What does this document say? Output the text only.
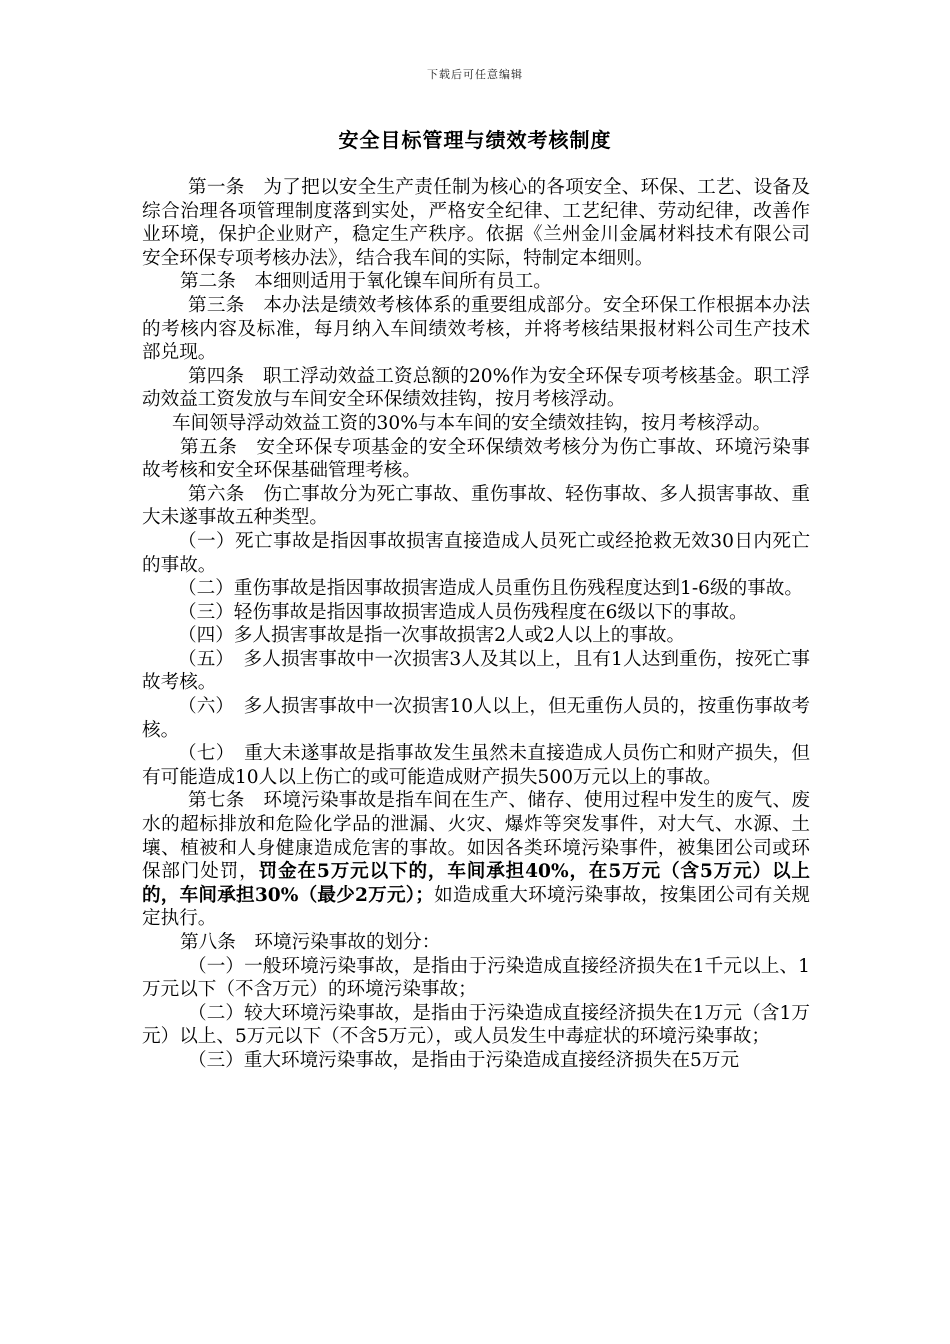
下载后可任意编辑
安全目标管理与绩效考核制度

第一条　为了把以安全生产责任制为核心的各项安全、环保、工艺、设备及综合治理各项管理制度落到实处，严格安全纪律、工艺纪律、劳动纪律，改善作业环境，保护企业财产，稳定生产秩序。依据《兰州金川金属材料技术有限公司安全环保专项考核办法》，结合我车间的实际，特制定本细则。

第二条　本细则适用于氧化镍车间所有员工。

第三条　本办法是绩效考核体系的重要组成部分。安全环保工作根据本办法的考核内容及标准，每月纳入车间绩效考核，并将考核结果报材料公司生产技术部兑现。

第四条　职工浮动效益工资总额的20%作为安全环保专项考核基金。职工浮动效益工资发放与车间安全环保绩效挂钩，按月考核浮动。

车间领导浮动效益工资的30%与本车间的安全绩效挂钩，按月考核浮动。

第五条　安全环保专项基金的安全环保绩效考核分为伤亡事故、环境污染事故考核和安全环保基础管理考核。

第六条　伤亡事故分为死亡事故、重伤事故、轻伤事故、多人损害事故、重大未遂事故五种类型。

（一）死亡事故是指因事故损害直接造成人员死亡或经抢救无效30日内死亡的事故。

（二）重伤事故是指因事故损害造成人员重伤且伤残程度达到1-6级的事故。

（三）轻伤事故是指因事故损害造成人员伤残程度在6级以下的事故。

（四）多人损害事故是指一次事故损害2人或2人以上的事故。

（五）　多人损害事故中一次损害3人及其以上，且有1人达到重伤，按死亡事故考核。

（六）　多人损害事故中一次损害10人以上，但无重伤人员的，按重伤事故考核。

（七）　重大未遂事故是指事故发生虽然未直接造成人员伤亡和财产损失，但有可能造成10人以上伤亡的或可能造成财产损失500万元以上的事故。

第七条　环境污染事故是指车间在生产、储存、使用过程中发生的废气、废水的超标排放和危险化学品的泄漏、火灾、爆炸等突发事件，对大气、水源、土壤、植被和人身健康造成危害的事故。如因各类环境污染事件，被集团公司或环保部门处罚，罚金在5万元以下的，车间承担40%，在5万元（含5万元）以上的，车间承担30%（最少2万元）；如造成重大环境污染事故，按集团公司有关规定执行。

第八条　环境污染事故的划分：

（一）一般环境污染事故，是指由于污染造成直接经济损失在1千元以上、1万元以下（不含万元）的环境污染事故；

（二）较大环境污染事故，是指由于污染造成直接经济损失在1万元（含1万元）以上、5万元以下（不含5万元），或人员发生中毒症状的环境污染事故；

（三）重大环境污染事故，是指由于污染造成直接经济损失在5万元
